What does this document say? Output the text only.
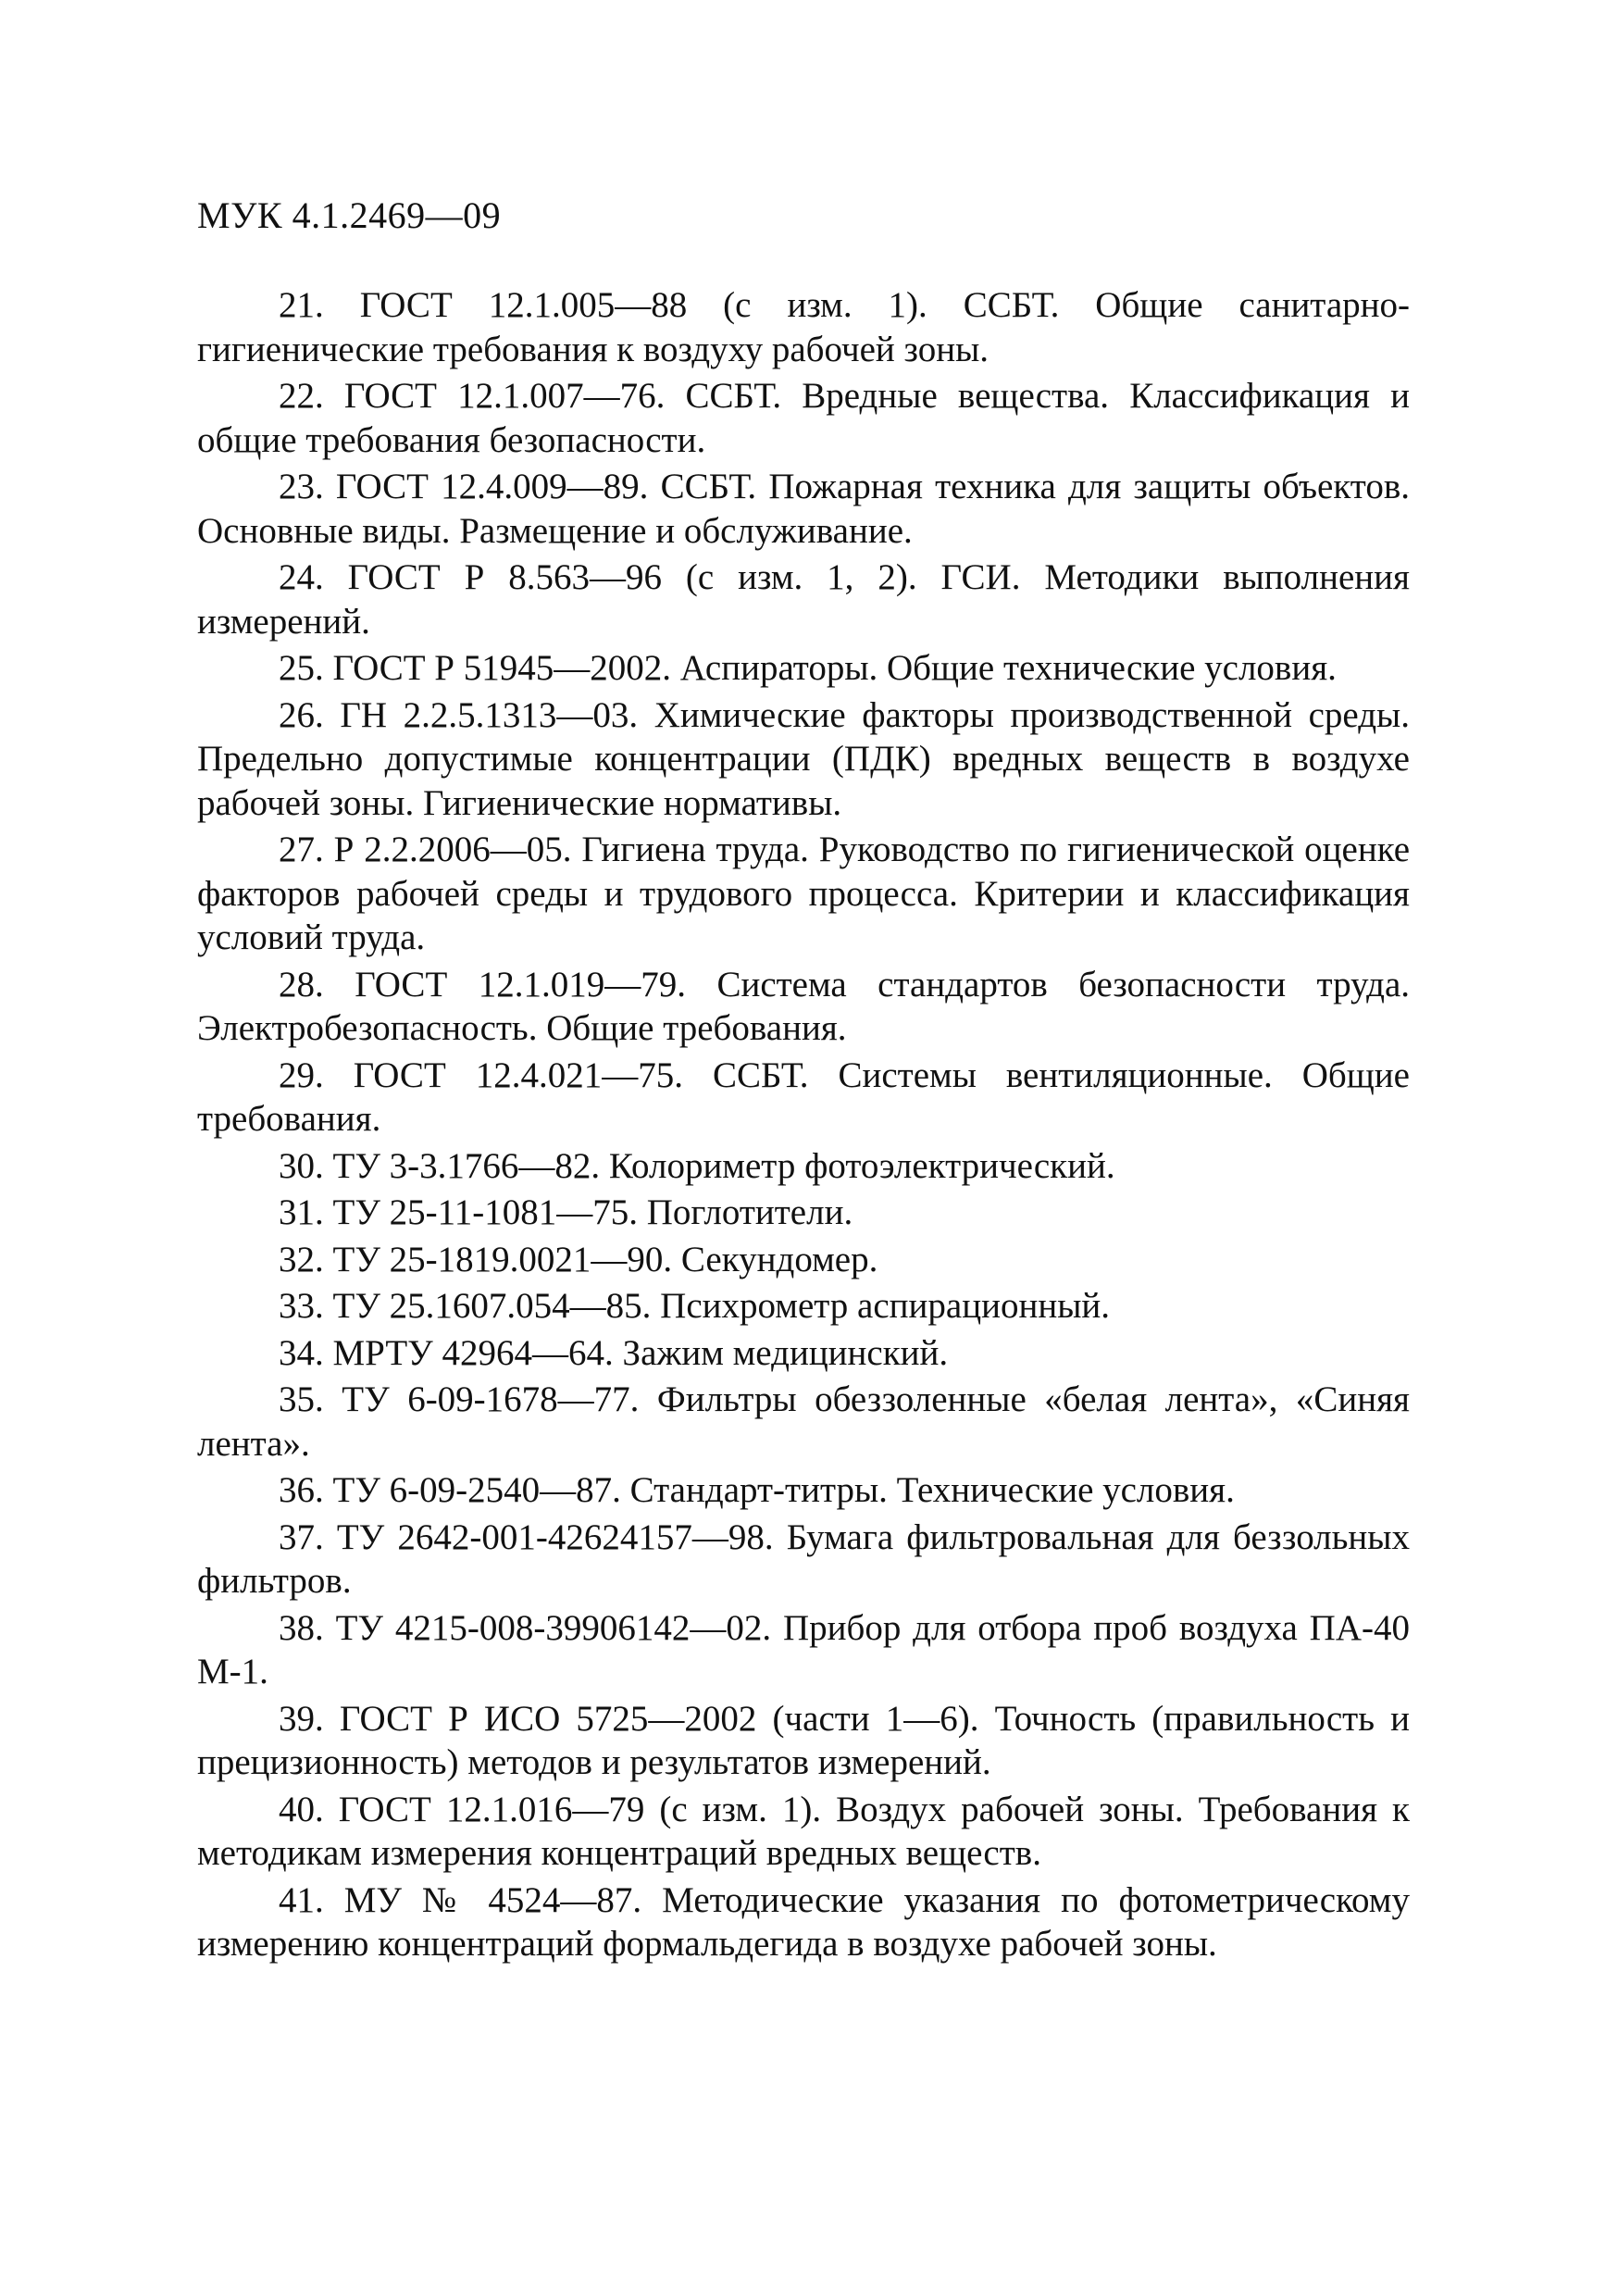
МУК 4.1.2469—09
21. ГОСТ 12.1.005—88 (с изм. 1). ССБТ. Общие санитарно-гигиенические требования к воздуху рабочей зоны.
22. ГОСТ 12.1.007—76. ССБТ. Вредные вещества. Классификация и общие требования безопасности.
23. ГОСТ 12.4.009—89. ССБТ. Пожарная техника для защиты объектов. Основные виды. Размещение и обслуживание.
24. ГОСТ Р 8.563—96 (с изм. 1, 2). ГСИ. Методики выполнения измерений.
25. ГОСТ Р 51945—2002. Аспираторы. Общие технические условия.
26. ГН 2.2.5.1313—03. Химические факторы производственной среды. Предельно допустимые концентрации (ПДК) вредных веществ в воздухе рабочей зоны. Гигиенические нормативы.
27. Р 2.2.2006—05. Гигиена труда. Руководство по гигиенической оценке факторов рабочей среды и трудового процесса. Критерии и классификация условий труда.
28. ГОСТ 12.1.019—79. Система стандартов безопасности труда. Электробезопасность. Общие требования.
29. ГОСТ 12.4.021—75. ССБТ. Системы вентиляционные. Общие требования.
30. ТУ 3-3.1766—82. Колориметр фотоэлектрический.
31. ТУ 25-11-1081—75. Поглотители.
32. ТУ 25-1819.0021—90. Секундомер.
33. ТУ 25.1607.054—85. Психрометр аспирационный.
34. МРТУ 42964—64. Зажим медицинский.
35. ТУ 6-09-1678—77. Фильтры обеззоленные «белая лента», «Синяя лента».
36. ТУ 6-09-2540—87. Стандарт-титры. Технические условия.
37. ТУ 2642-001-42624157—98. Бумага фильтровальная для беззольных фильтров.
38. ТУ 4215-008-39906142—02. Прибор для отбора проб воздуха ПА-40 М-1.
39. ГОСТ Р ИСО 5725—2002 (части 1—6). Точность (правильность и прецизионность) методов и результатов измерений.
40. ГОСТ 12.1.016—79 (с изм. 1). Воздух рабочей зоны. Требования к методикам измерения концентраций вредных веществ.
41. МУ № 4524—87. Методические указания по фотометрическому измерению концентраций формальдегида в воздухе рабочей зоны.
